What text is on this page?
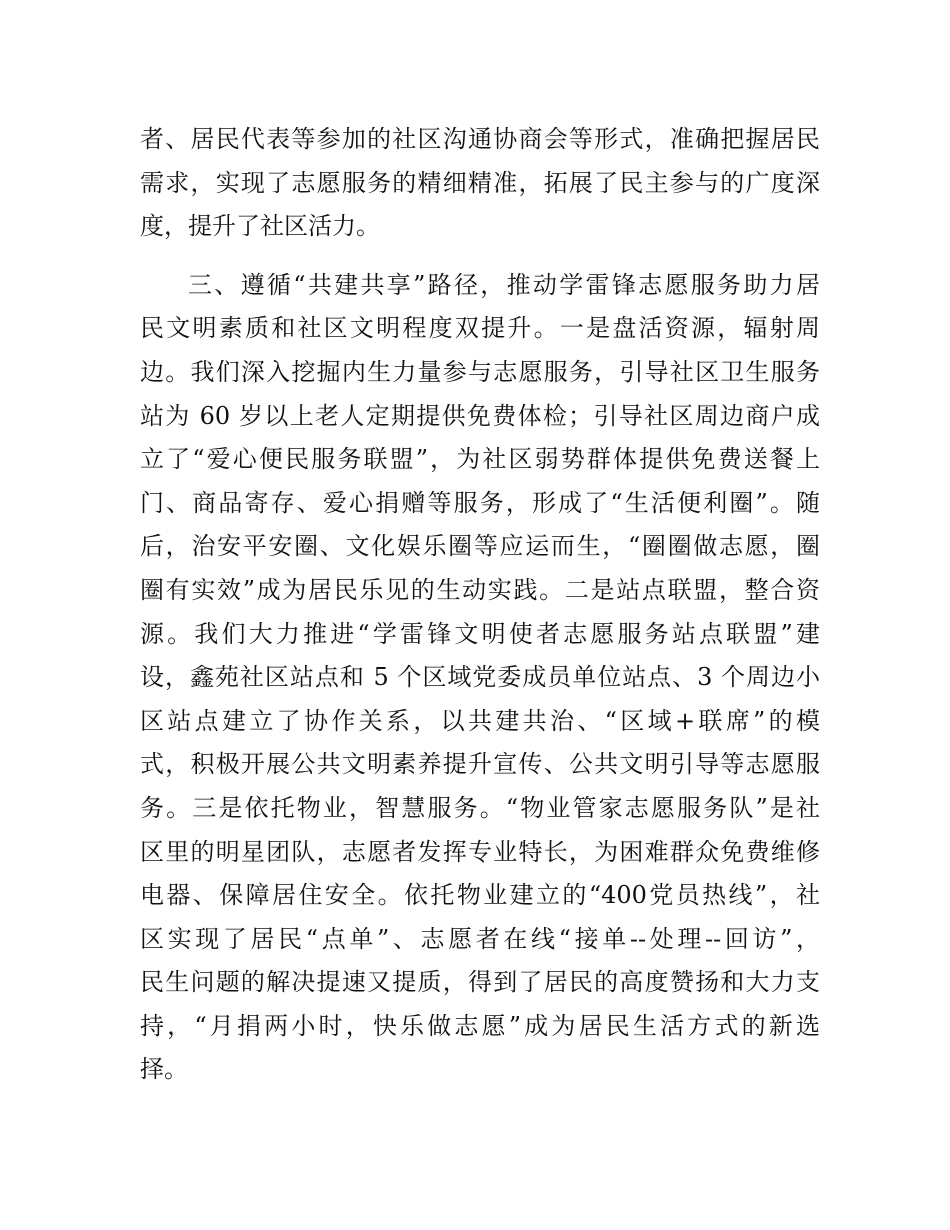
者、居民代表等参加的社区沟通协商会等形式，准确把握居民
需求，实现了志愿服务的精细精准，拓展了民主参与的广度深
度，提升了社区活力。
三、遵循“共建共享”路径，推动学雷锋志愿服务助力居
民文明素质和社区文明程度双提升。一是盘活资源，辐射周
边。我们深入挖掘内生力量参与志愿服务，引导社区卫生服务
站为 60 岁以上老人定期提供免费体检；引导社区周边商户成
立了“爱心便民服务联盟”，为社区弱势群体提供免费送餐上
门、商品寄存、爱心捐赠等服务，形成了“生活便利圈”。随
后，治安平安圈、文化娱乐圈等应运而生，“圈圈做志愿，圈
圈有实效”成为居民乐见的生动实践。二是站点联盟，整合资
源。我们大力推进“学雷锋文明使者志愿服务站点联盟”建
设，鑫苑社区站点和 5 个区域党委成员单位站点、3 个周边小
区站点建立了协作关系，以共建共治、“区域+联席”的模
式，积极开展公共文明素养提升宣传、公共文明引导等志愿服
务。三是依托物业，智慧服务。“物业管家志愿服务队”是社
区里的明星团队，志愿者发挥专业特长，为困难群众免费维修
电器、保障居住安全。依托物业建立的“400党员热线”，社
区实现了居民“点单”、志愿者在线“接单--处理--回访”，
民生问题的解决提速又提质，得到了居民的高度赞扬和大力支
持，“月捐两小时，快乐做志愿”成为居民生活方式的新选
择。
